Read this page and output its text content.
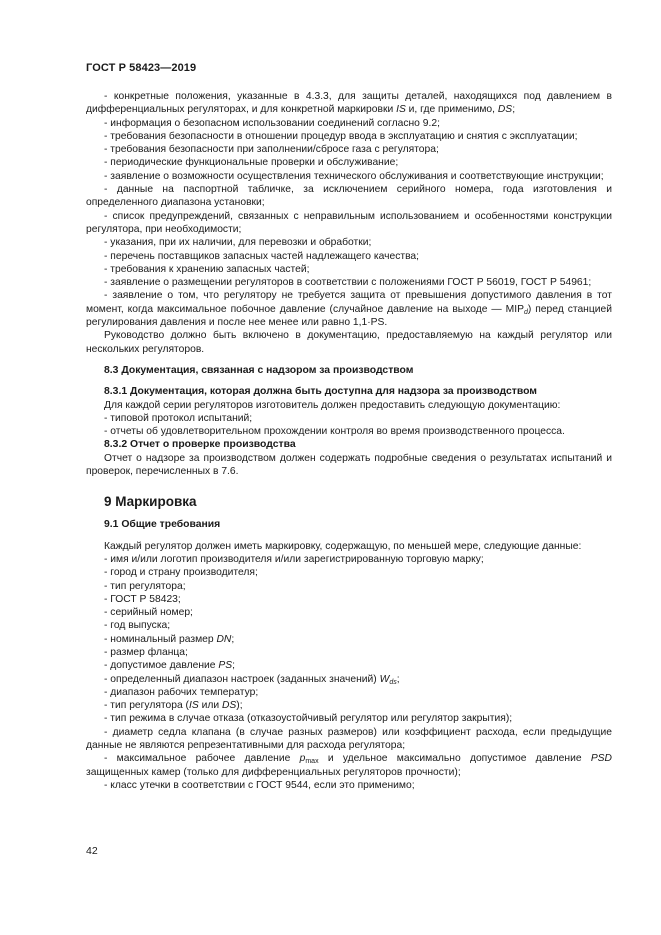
ГОСТ Р 58423—2019

- конкретные положения, указанные в 4.3.3, для защиты деталей, находящихся под давлением в дифференциальных регуляторах, и для конкретной маркировки IS и, где применимо, DS;

- информация о безопасном использовании соединений согласно 9.2;

- требования безопасности в отношении процедур ввода в эксплуатацию и снятия с эксплуатации;

- требования безопасности при заполнении/сбросе газа с регулятора;

- периодические функциональные проверки и обслуживание;

- заявление о возможности осуществления технического обслуживания и соответствующие инструкции;

- данные на паспортной табличке, за исключением серийного номера, года изготовления и определенного диапазона установки;

- список предупреждений, связанных с неправильным использованием и особенностями конструкции регулятора, при необходимости;

- указания, при их наличии, для перевозки и обработки;

- перечень поставщиков запасных частей надлежащего качества;

- требования к хранению запасных частей;

- заявление о размещении регуляторов в соответствии с положениями ГОСТ Р 56019, ГОСТ Р 54961;

- заявление о том, что регулятору не требуется защита от превышения допустимого давления в тот момент, когда максимальное побочное давление (случайное давление на выходе — $MIP_d$) перед станцией регулирования давления и после нее менее или равно 1,1·PS.

Руководство должно быть включено в документацию, предоставляемую на каждый регулятор или нескольких регуляторов.

8.3 Документация, связанная с надзором за производством

8.3.1 Документация, которая должна быть доступна для надзора за производством

Для каждой серии регуляторов изготовитель должен предоставить следующую документацию:

- типовой протокол испытаний;

- отчеты об удовлетворительном прохождении контроля во время производственного процесса.

8.3.2 Отчет о проверке производства

Отчет о надзоре за производством должен содержать подробные сведения о результатах испытаний и проверок, перечисленных в 7.6.

9 Маркировка

9.1 Общие требования

Каждый регулятор должен иметь маркировку, содержащую, по меньшей мере, следующие данные:

- имя и/или логотип производителя и/или зарегистрированную торговую марку;

- город и страну производителя;

- тип регулятора;

- ГОСТ Р 58423;

- серийный номер;

- год выпуска;

- номинальный размер DN;

- размер фланца;

- допустимое давление PS;

- определенный диапазон настроек (заданных значений) $W_{ds}$;

- диапазон рабочих температур;

- тип регулятора (IS или DS);

- тип режима в случае отказа (отказоустойчивый регулятор или регулятор закрытия);

- диаметр седла клапана (в случае разных размеров) или коэффициент расхода, если предыдущие данные не являются репрезентативными для расхода регулятора;

- максимальное рабочее давление $p_{max}$ и удельное максимально допустимое давление PSD защищенных камер (только для дифференциальных регуляторов прочности);

- класс утечки в соответствии с ГОСТ 9544, если это применимо;

42
